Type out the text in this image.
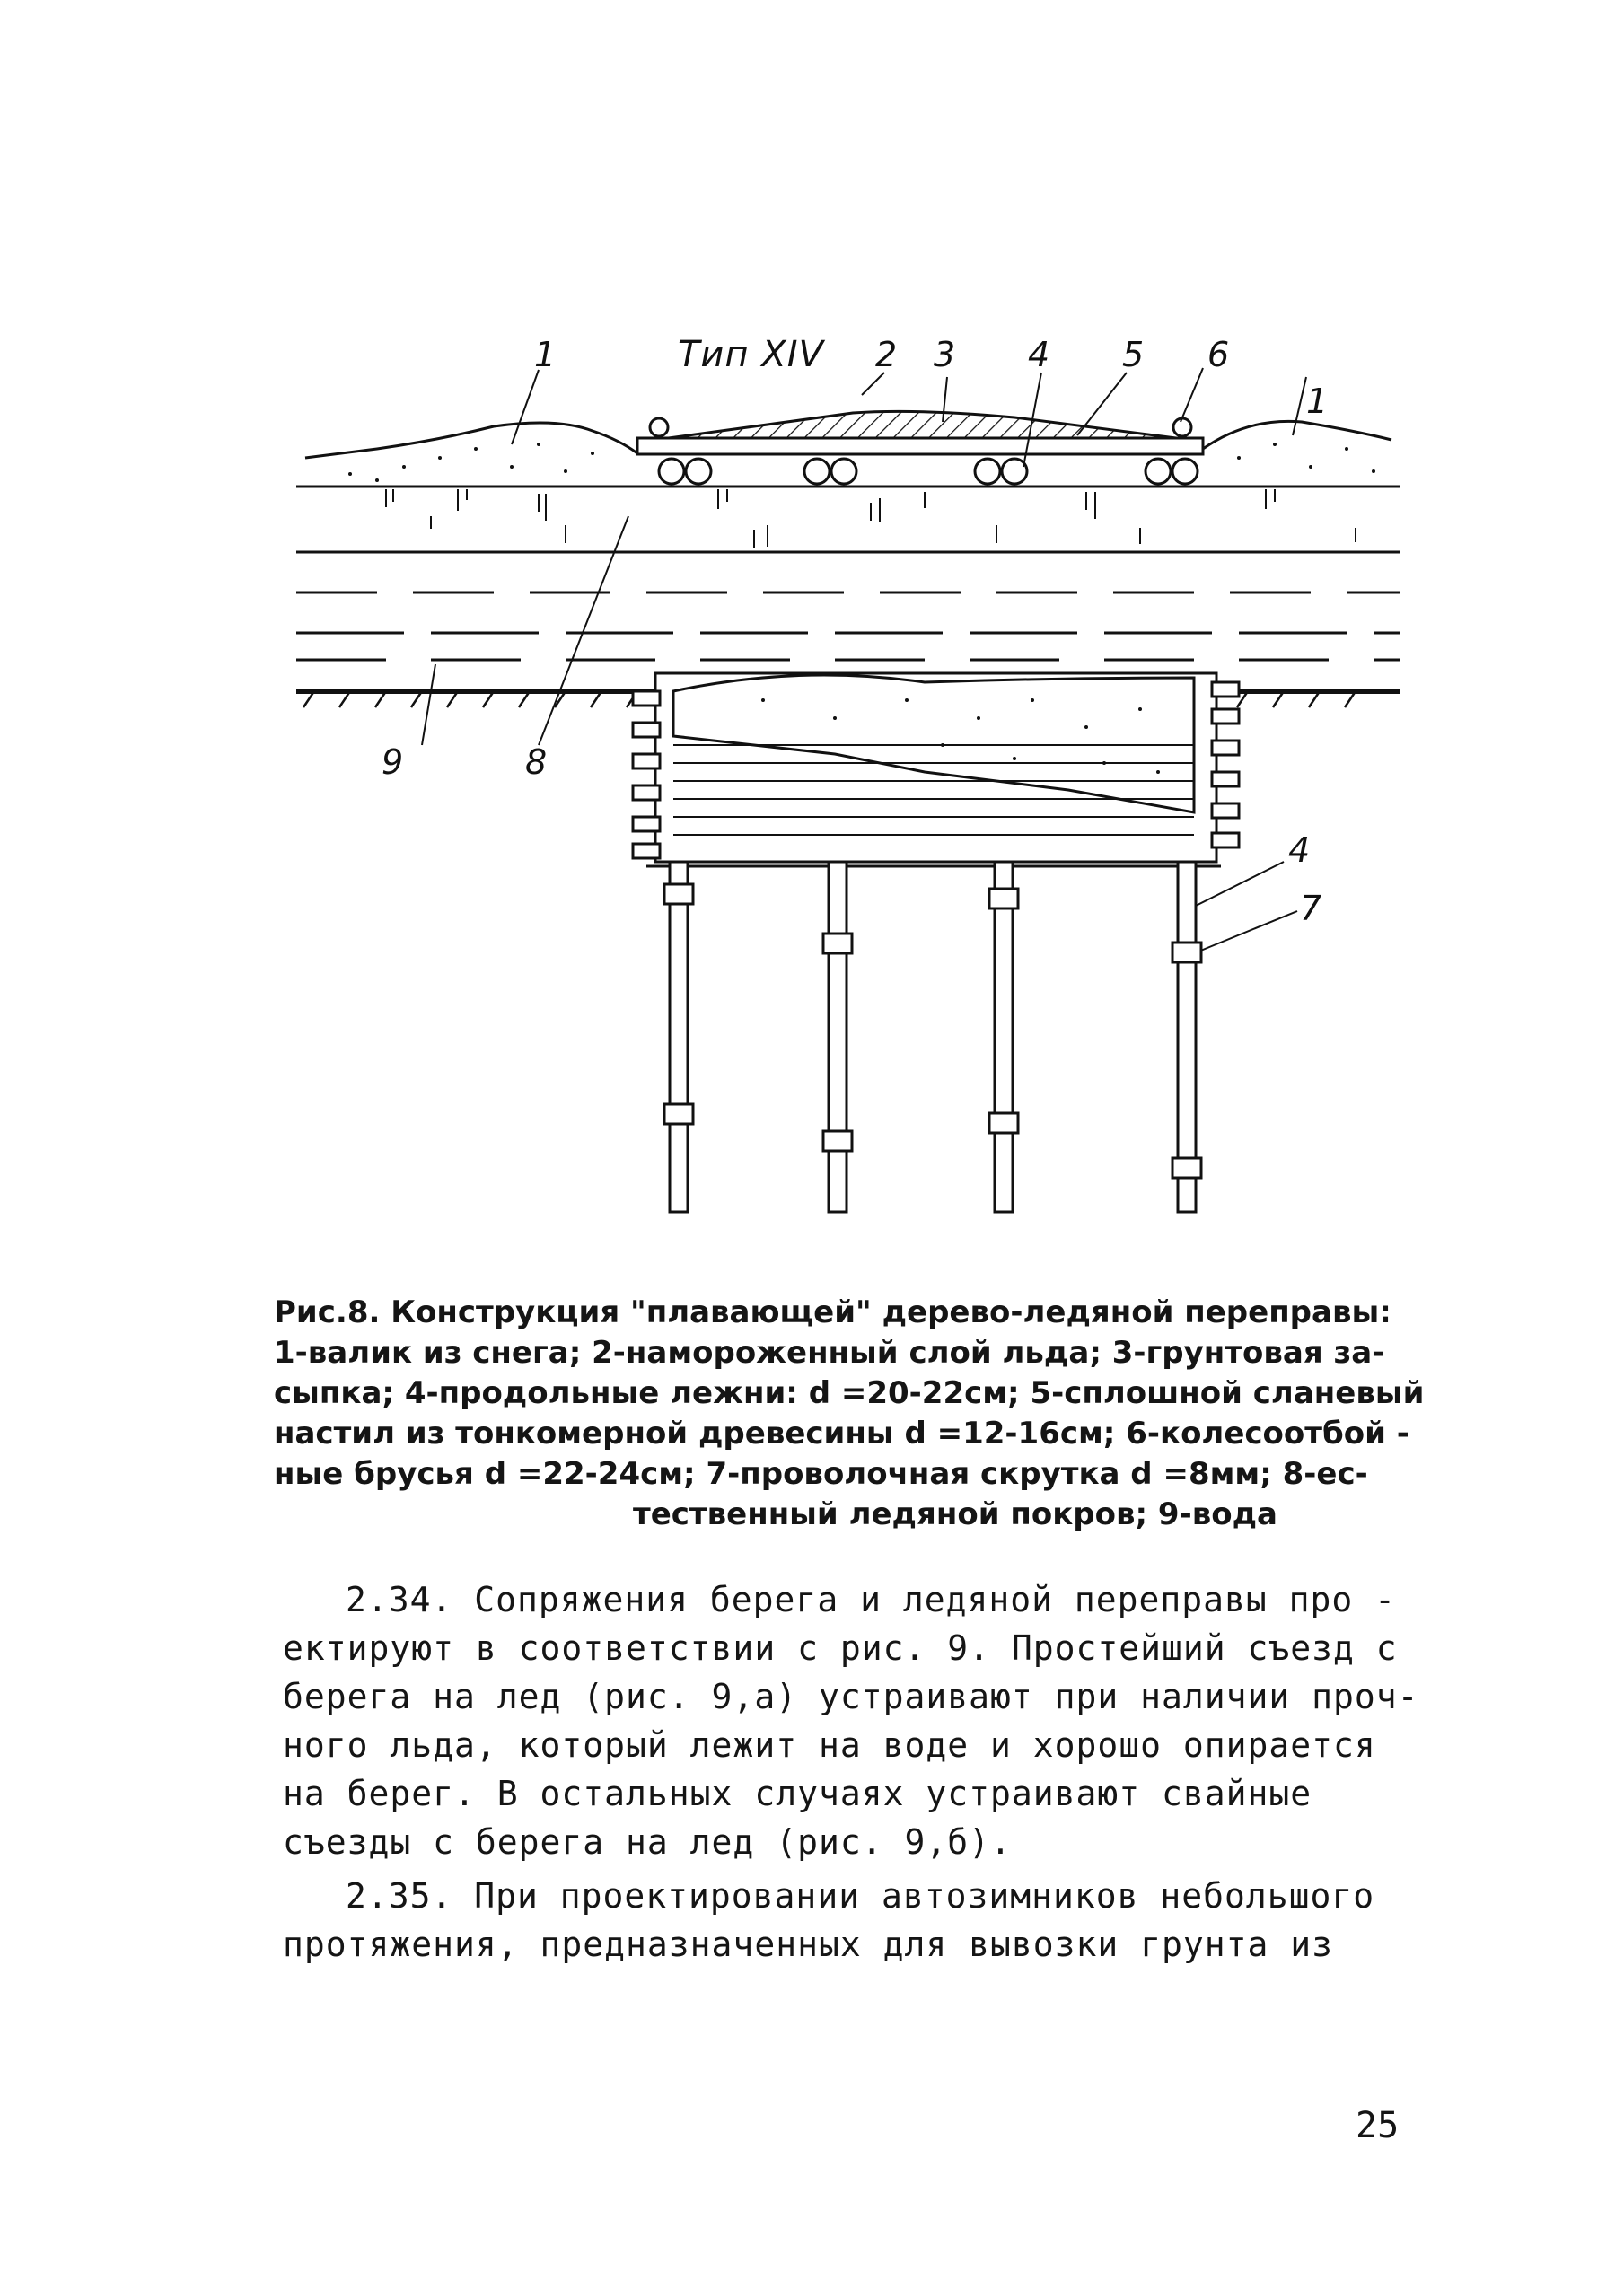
Тип XIV
1	2 3 4 5 6
1
9	8
4
7
Рис.8. Конструкция "плавающей" дерево-ледяной переправы:
1-валик из снега; 2-намороженный слой льда; 3-грунтовая за-
сыпка; 4-продольные лежни: d =20-22см; 5-сплошной сланевый
настил из тонкомерной древесины d =12-16см; 6-колесоотбой -
ные брусья d =22-24см; 7-проволочная скрутка d =8мм; 8-ес-
тественный ледяной покров; 9-вода
2.34. Сопряжения берега и ледяной переправы про -
ектируют в соответствии с рис. 9. Простейший съезд с
берега на лед (рис. 9,а) устраивают при наличии проч-
ного льда, который лежит на воде и хорошо опирается
на берег. В остальных случаях устраивают свайные
съезды с берега на лед (рис. 9,б).
2.35. При проектировании автозимников небольшого
протяжения, предназначенных для вывозки грунта из
25
